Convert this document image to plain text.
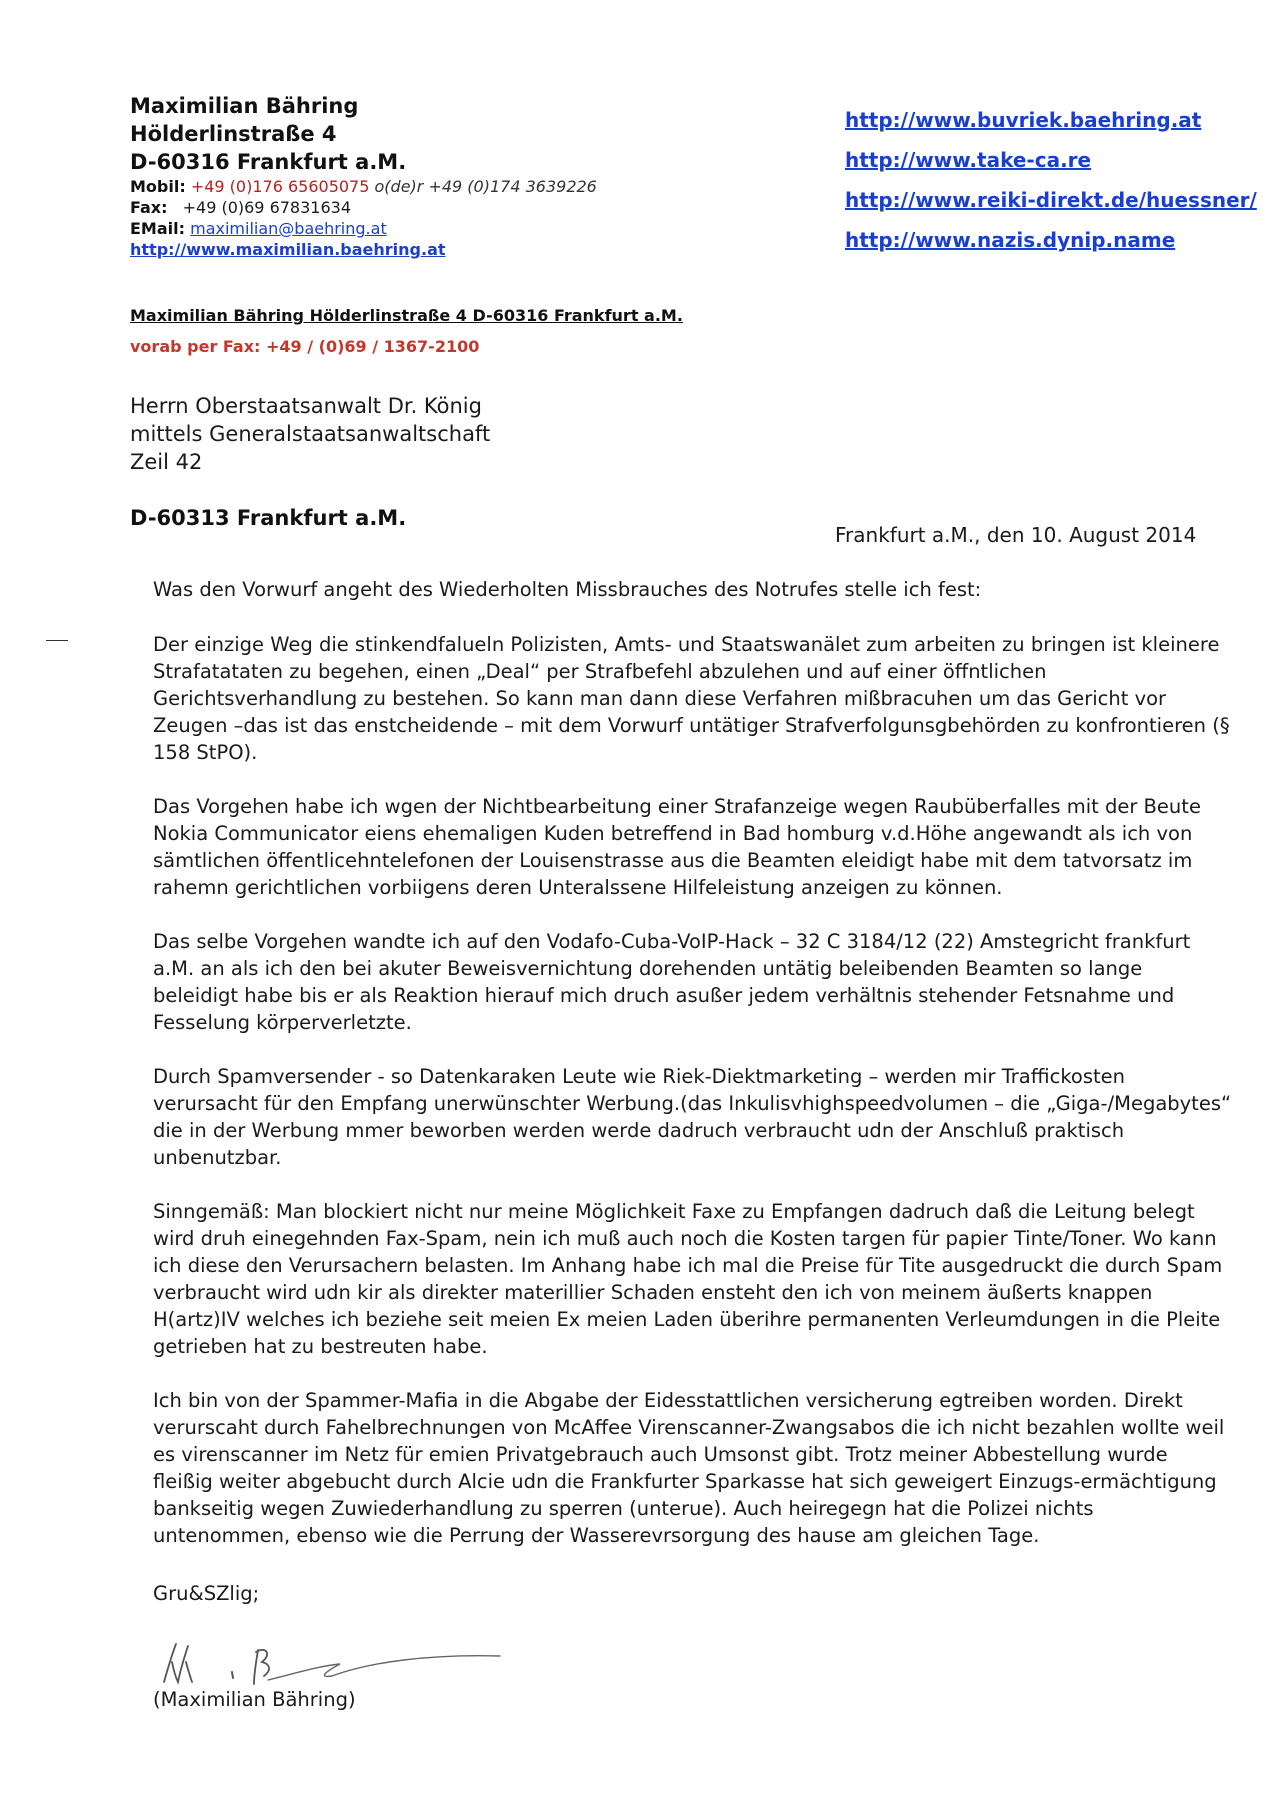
Maximilian Bähring
Hölderlinstraße 4
D-60316 Frankfurt a.M.
Mobil: +49 (0)176 65605075 o(de)r +49 (0)174 3639226
Fax: +49 (0)69 67831634
EMail: maximilian@baehring.at
http://www.maximilian.baehring.at
http://www.buvriek.baehring.at
http://www.take-ca.re
http://www.reiki-direkt.de/huessner/
http://www.nazis.dynip.name
Maximilian Bähring Hölderlinstraße 4 D-60316 Frankfurt a.M.
vorab per Fax: +49 / (0)69 / 1367-2100
Herrn Oberstaatsanwalt Dr. König
mittels Generalstaatsanwaltschaft
Zeil 42
D-60313 Frankfurt a.M.
Frankfurt a.M., den 10. August 2014

Was den Vorwurf angeht des Wiederholten Missbrauches des Notrufes stelle ich fest:

Der einzige Weg die stinkendfalueln Polizisten, Amts- und Staatswanälet zum arbeiten zu bringen ist kleinere Strafatataten zu begehen, einen „Deal“ per Strafbefehl abzulehen und auf einer öffntlichen Gerichtsverhandlung zu bestehen. So kann man dann diese Verfahren mißbracuhen um das Gericht vor Zeugen –das ist das enstcheidende – mit dem Vorwurf untätiger Strafverfolgunsgbehörden zu konfrontieren (§ 158 StPO).

Das Vorgehen habe ich wgen der Nichtbearbeitung einer Strafanzeige wegen Raubüberfalles mit der Beute Nokia Communicator eiens ehemaligen Kuden betreffend in Bad homburg v.d.Höhe angewandt als ich von sämtlichen öffentlicehntelefonen der Louisenstrasse aus die Beamten eleidigt habe mit dem tatvorsatz im rahemn gerichtlichen vorbiigens deren Unteralssene Hilfeleistung anzeigen zu können.

Das selbe Vorgehen wandte ich auf den Vodafo-Cuba-VoIP-Hack – 32 C 3184/12 (22) Amstegricht frankfurt a.M. an als ich den bei akuter Beweisvernichtung dorehenden untätig beleibenden Beamten so lange beleidigt habe bis er als Reaktion hierauf mich druch asußer jedem verhältnis stehender Fetsnahme und Fesselung körperverletzte.

Durch Spamversender - so Datenkaraken Leute wie Riek-Diektmarketing – werden mir Traffickosten verursacht für den Empfang unerwünschter Werbung.(das Inkulisvhighspeedvolumen – die „Giga-/Megabytes“ die in der Werbung mmer beworben werden werde dadruch verbraucht udn der Anschluß praktisch unbenutzbar.

Sinngemäß: Man blockiert nicht nur meine Möglichkeit Faxe zu Empfangen dadruch daß die Leitung belegt wird druh einegehnden Fax-Spam, nein ich muß auch noch die Kosten targen für papier Tinte/Toner. Wo kann ich diese den Verursachern belasten. Im Anhang habe ich mal die Preise für Tite ausgedruckt die durch Spam verbraucht wird udn kir als direkter materillier Schaden ensteht den ich von meinem äußerts knappen H(artz)IV welches ich beziehe seit meien Ex meien Laden überihre permanenten Verleumdungen in die Pleite getrieben hat zu bestreuten habe.

Ich bin von der Spammer-Mafia in die Abgabe der Eidesstattlichen versicherung egtreiben worden. Direkt verurscaht durch Fahelbrechnungen von McAffee Virenscanner-Zwangsabos die ich nicht bezahlen wollte weil es virenscanner im Netz für emien Privatgebrauch auch Umsonst gibt. Trotz meiner Abbestellung wurde fleißig weiter abgebucht durch Alcie udn die Frankfurter Sparkasse hat sich geweigert Einzugs-ermächtigung bankseitig wegen Zuwiederhandlung zu sperren (unterue). Auch heiregegn hat die Polizei nichts untenommen, ebenso wie die Perrung der Wasserevrsorgung des hause am gleichen Tage.

Gru&SZlig;
(Maximilian Bähring)
